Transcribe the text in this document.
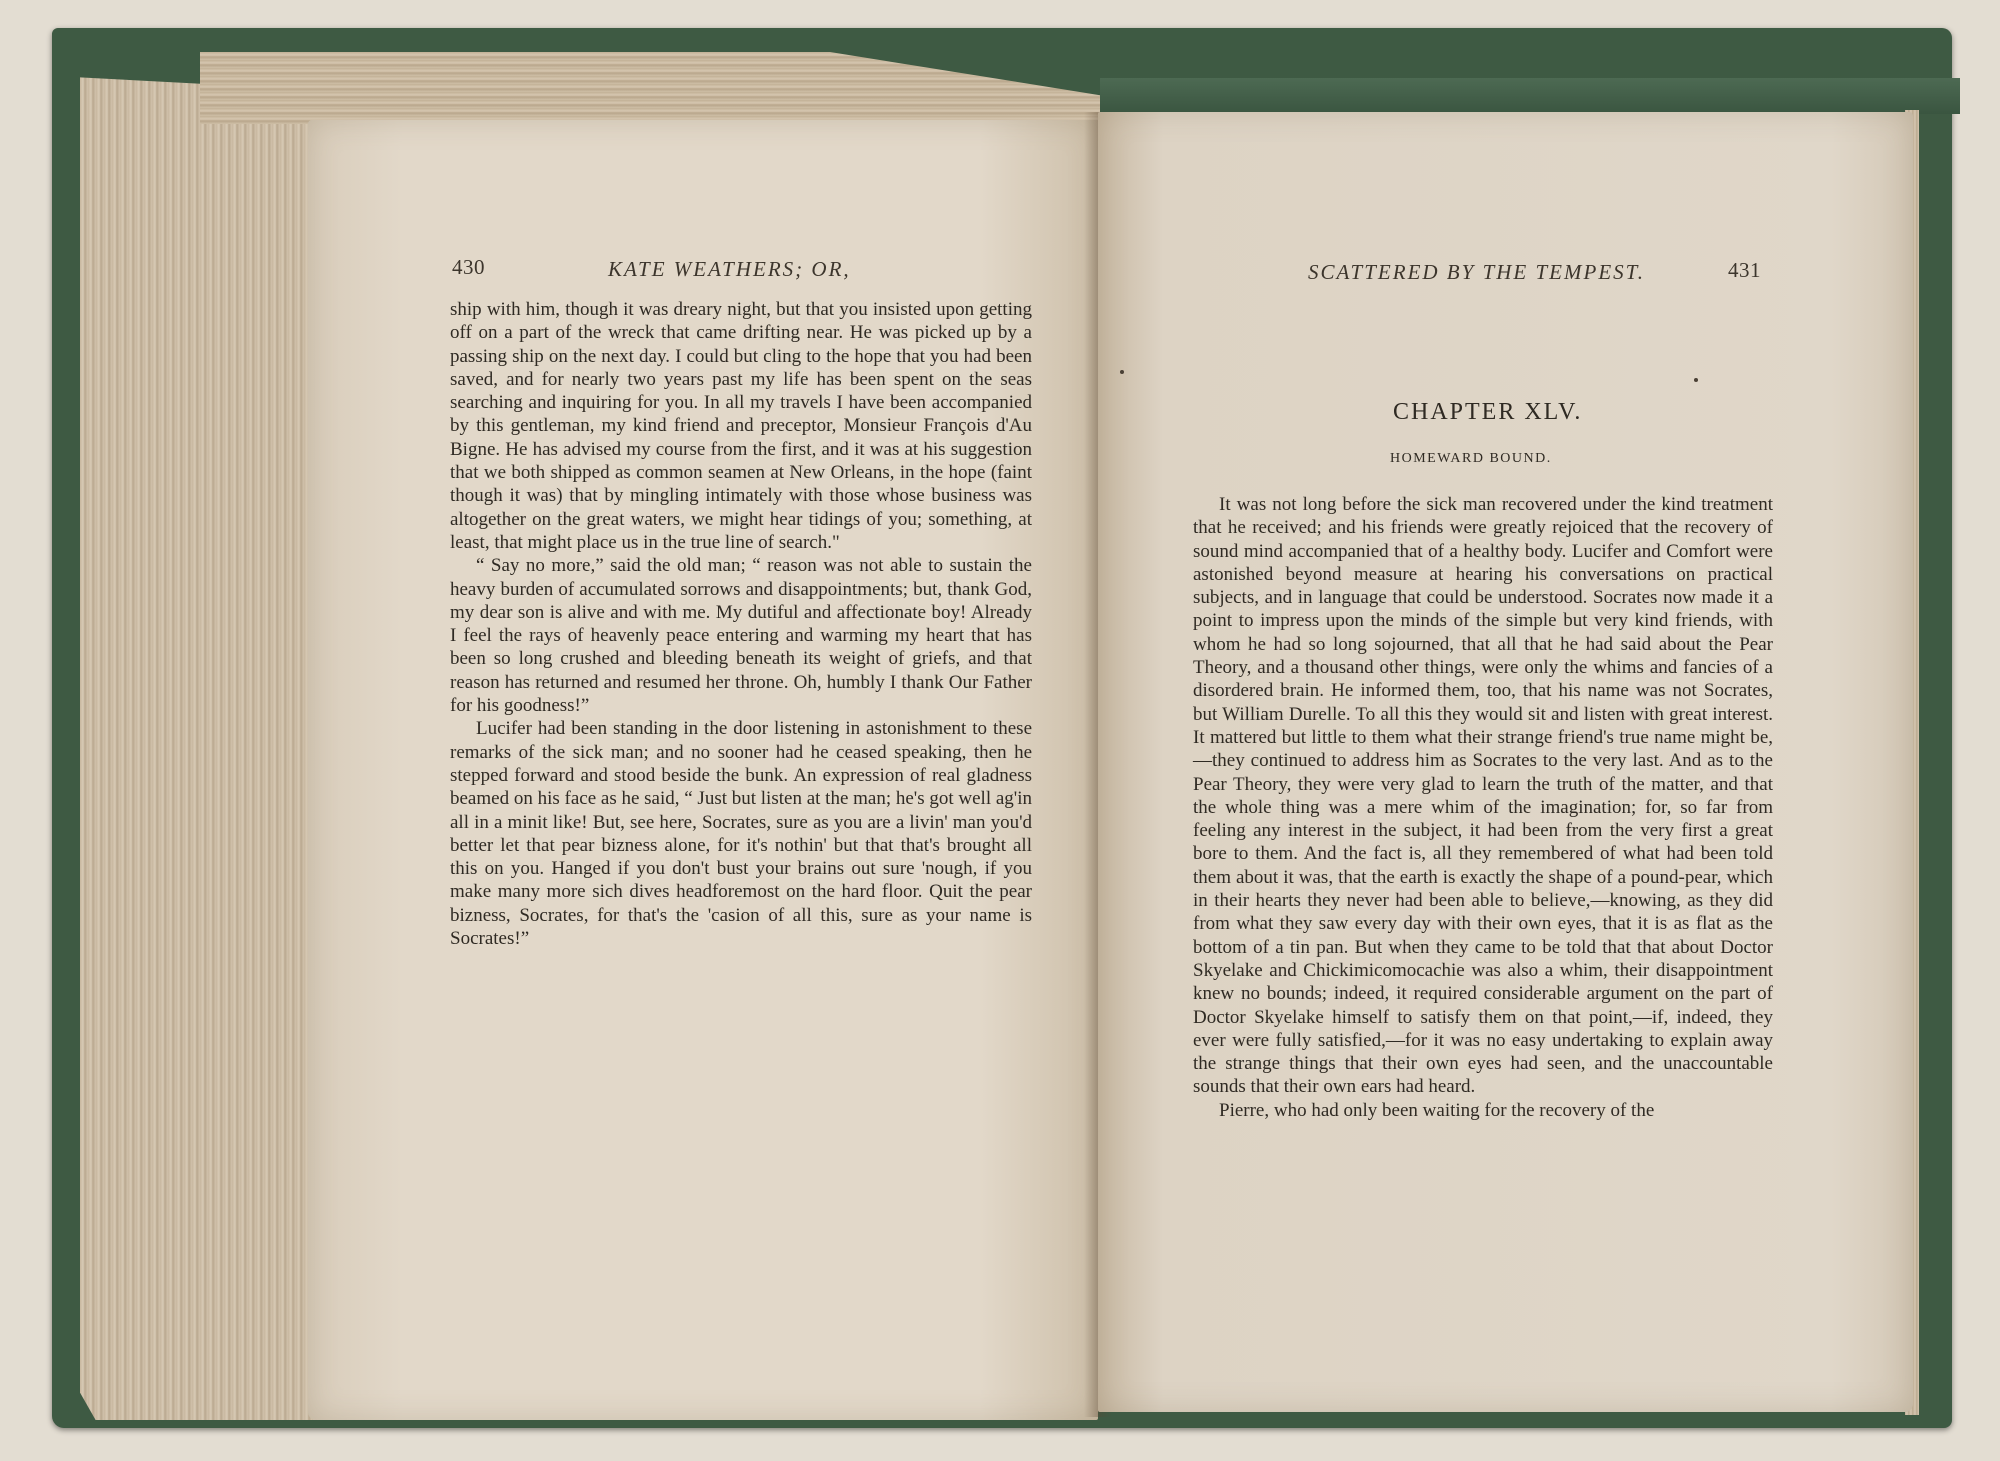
430	KATE WEATHERS; OR,

ship with him, though it was dreary night, but that you insisted upon getting off on a part of the wreck that came drifting near. He was picked up by a passing ship on the next day. I could but cling to the hope that you had been saved, and for nearly two years past my life has been spent on the seas searching and inquiring for you. In all my travels I have been accompanied by this gentleman, my kind friend and preceptor, Monsieur François d'Au Bigne. He has advised my course from the first, and it was at his suggestion that we both shipped as common seamen at New Orleans, in the hope (faint though it was) that by mingling intimately with those whose business was altogether on the great waters, we might hear tidings of you; something, at least, that might place us in the true line of search."

“ Say no more,” said the old man; “ reason was not able to sustain the heavy burden of accumulated sorrows and disappointments; but, thank God, my dear son is alive and with me. My dutiful and affectionate boy! Already I feel the rays of heavenly peace entering and warming my heart that has been so long crushed and bleeding beneath its weight of griefs, and that reason has returned and resumed her throne. Oh, humbly I thank Our Father for his goodness!”

Lucifer had been standing in the door listening in astonishment to these remarks of the sick man; and no sooner had he ceased speaking, then he stepped forward and stood beside the bunk. An expression of real gladness beamed on his face as he said, “ Just but listen at the man; he's got well ag'in all in a minit like! But, see here, Socrates, sure as you are a livin' man you'd better let that pear bizness alone, for it's nothin' but that that's brought all this on you. Hanged if you don't bust your brains out sure 'nough, if you make many more sich dives headforemost on the hard floor. Quit the pear bizness, Socrates, for that's the 'casion of all this, sure as your name is Socrates!”

SCATTERED BY THE TEMPEST.	431
CHAPTER XLV.
HOMEWARD BOUND.

It was not long before the sick man recovered under the kind treatment that he received; and his friends were greatly rejoiced that the recovery of sound mind accompanied that of a healthy body. Lucifer and Comfort were astonished beyond measure at hearing his conversations on practical subjects, and in language that could be understood. Socrates now made it a point to impress upon the minds of the simple but very kind friends, with whom he had so long sojourned, that all that he had said about the Pear Theory, and a thousand other things, were only the whims and fancies of a disordered brain. He informed them, too, that his name was not Socrates, but William Durelle. To all this they would sit and listen with great interest. It mattered but little to them what their strange friend's true name might be,—they continued to address him as Socrates to the very last. And as to the Pear Theory, they were very glad to learn the truth of the matter, and that the whole thing was a mere whim of the imagination; for, so far from feeling any interest in the subject, it had been from the very first a great bore to them. And the fact is, all they remembered of what had been told them about it was, that the earth is exactly the shape of a pound-pear, which in their hearts they never had been able to believe,—knowing, as they did from what they saw every day with their own eyes, that it is as flat as the bottom of a tin pan. But when they came to be told that that about Doctor Skyelake and Chickimicomocachie was also a whim, their disappointment knew no bounds; indeed, it required considerable argument on the part of Doctor Skyelake himself to satisfy them on that point,—if, indeed, they ever were fully satisfied,—for it was no easy undertaking to explain away the strange things that their own eyes had seen, and the unaccountable sounds that their own ears had heard.

Pierre, who had only been waiting for the recovery of the
